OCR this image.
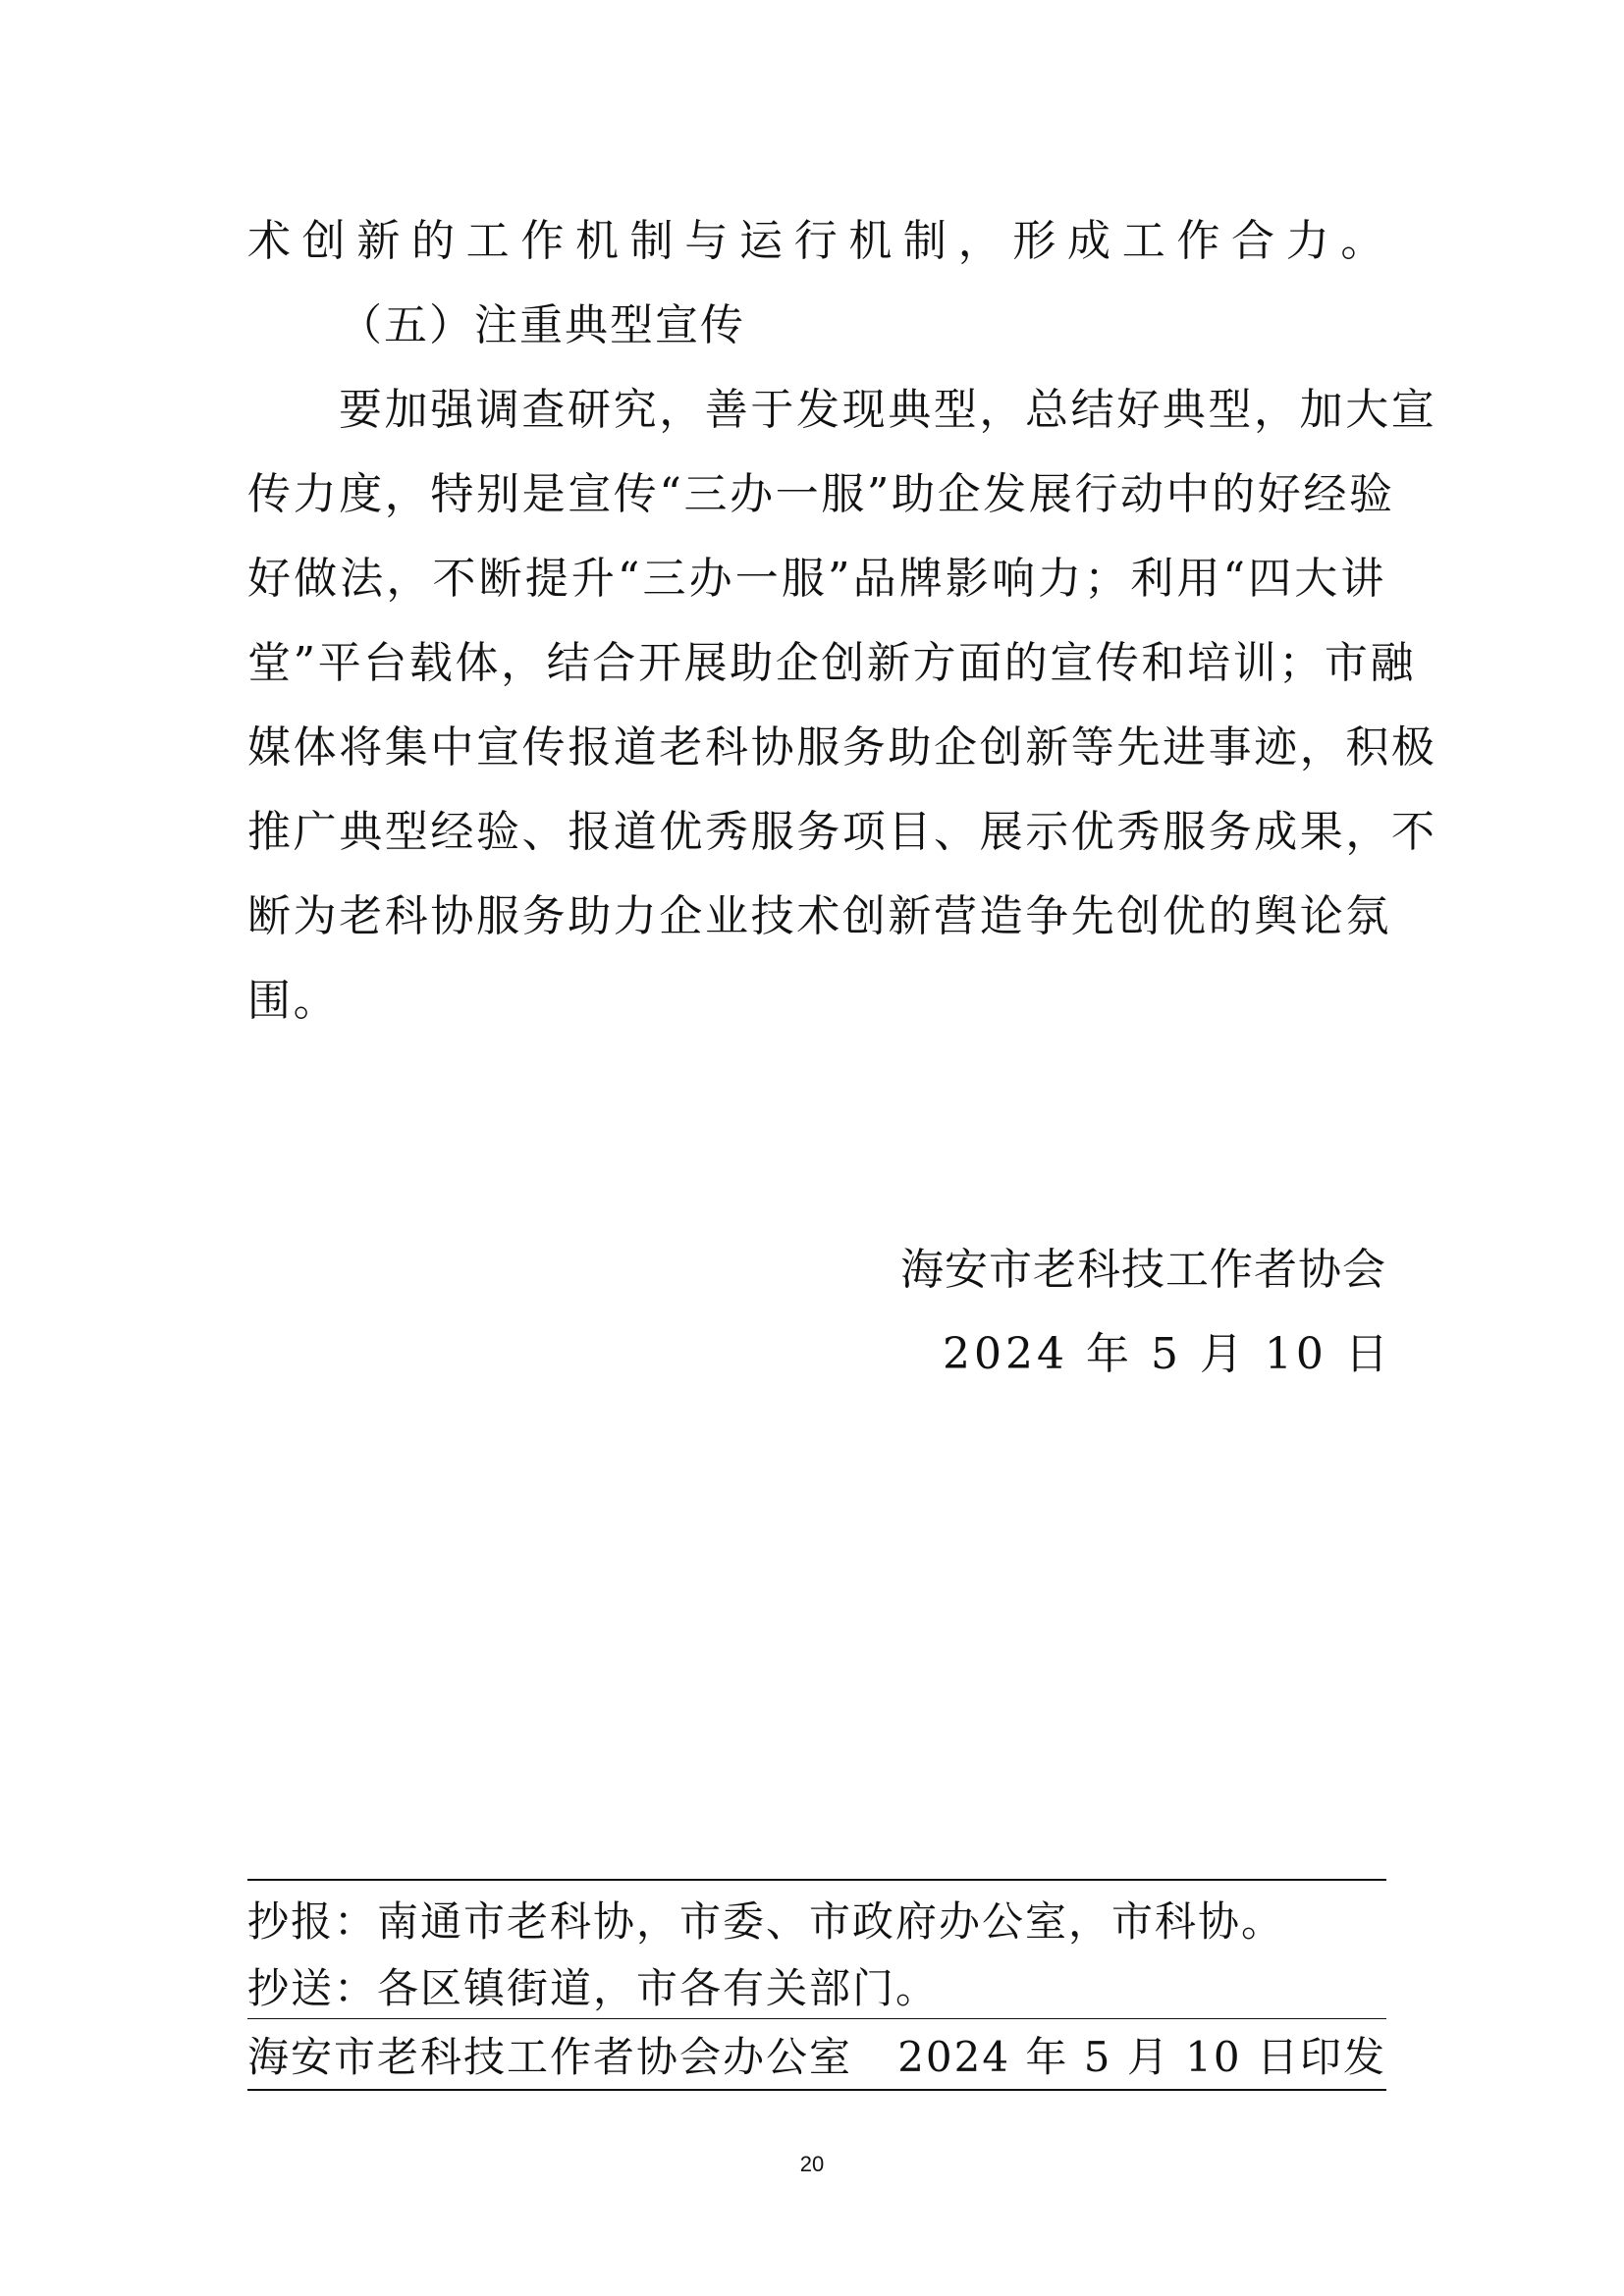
术创新的工作机制与运行机制，形成工作合力。
（五）注重典型宣传
要加强调查研究，善于发现典型，总结好典型，加大宣
传力度，特别是宣传“三办一服”助企发展行动中的好经验
好做法，不断提升“三办一服”品牌影响力；利用“四大讲
堂”平台载体，结合开展助企创新方面的宣传和培训；市融
媒体将集中宣传报道老科协服务助企创新等先进事迹，积极
推广典型经验、报道优秀服务项目、展示优秀服务成果，不
断为老科协服务助力企业技术创新营造争先创优的舆论氛
围。
海安市老科技工作者协会
2024 年 5 月 10 日
抄报：南通市老科协，市委、市政府办公室，市科协。
抄送：各区镇街道，市各有关部门。
海安市老科技工作者协会办公室 2024 年 5 月 10 日印发
20
